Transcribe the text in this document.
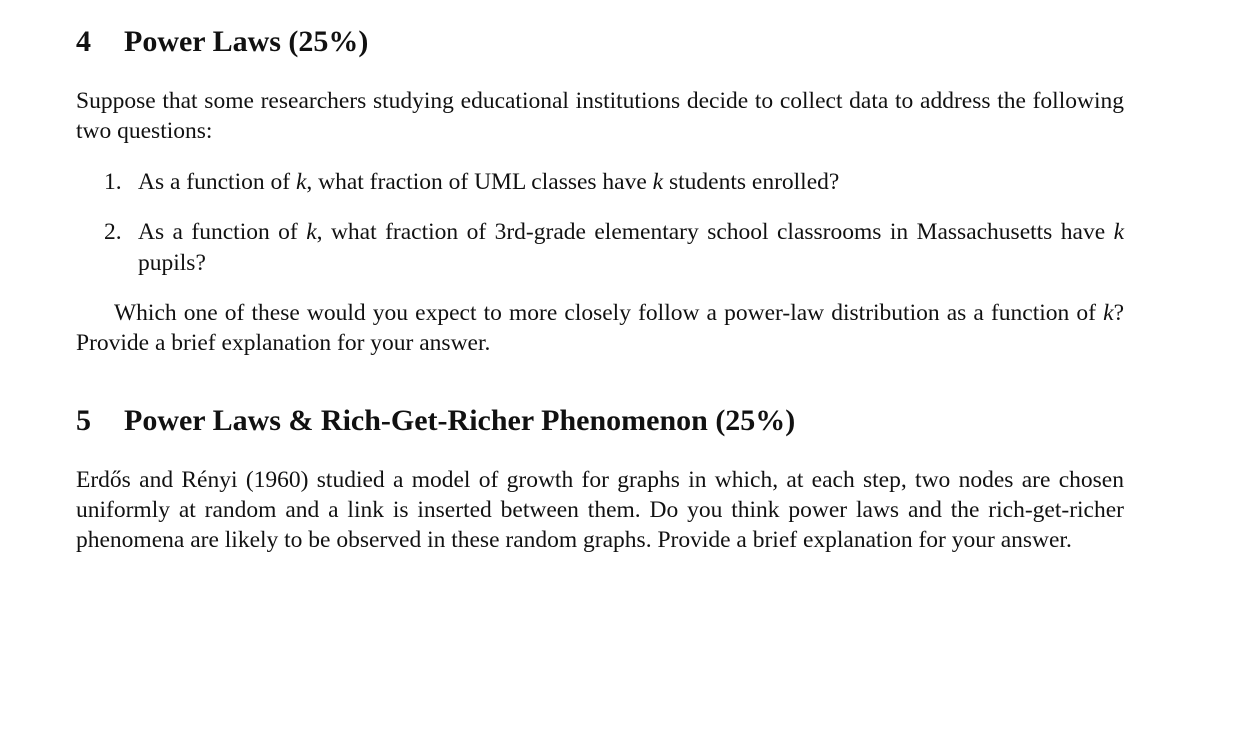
4	Power Laws (25%)

Suppose that some researchers studying educational institutions decide to collect data to address the following two questions:

1. As a function of k, what fraction of UML classes have k students enrolled?
2. As a function of k, what fraction of 3rd-grade elementary school classrooms in Massachusetts have k pupils?

Which one of these would you expect to more closely follow a power-law distribution as a function of k? Provide a brief explanation for your answer.

5	Power Laws & Rich-Get-Richer Phenomenon (25%)

Erdős and Rényi (1960) studied a model of growth for graphs in which, at each step, two nodes are chosen uniformly at random and a link is inserted between them. Do you think power laws and the rich-get-richer phenomena are likely to be observed in these random graphs. Provide a brief explanation for your answer.
